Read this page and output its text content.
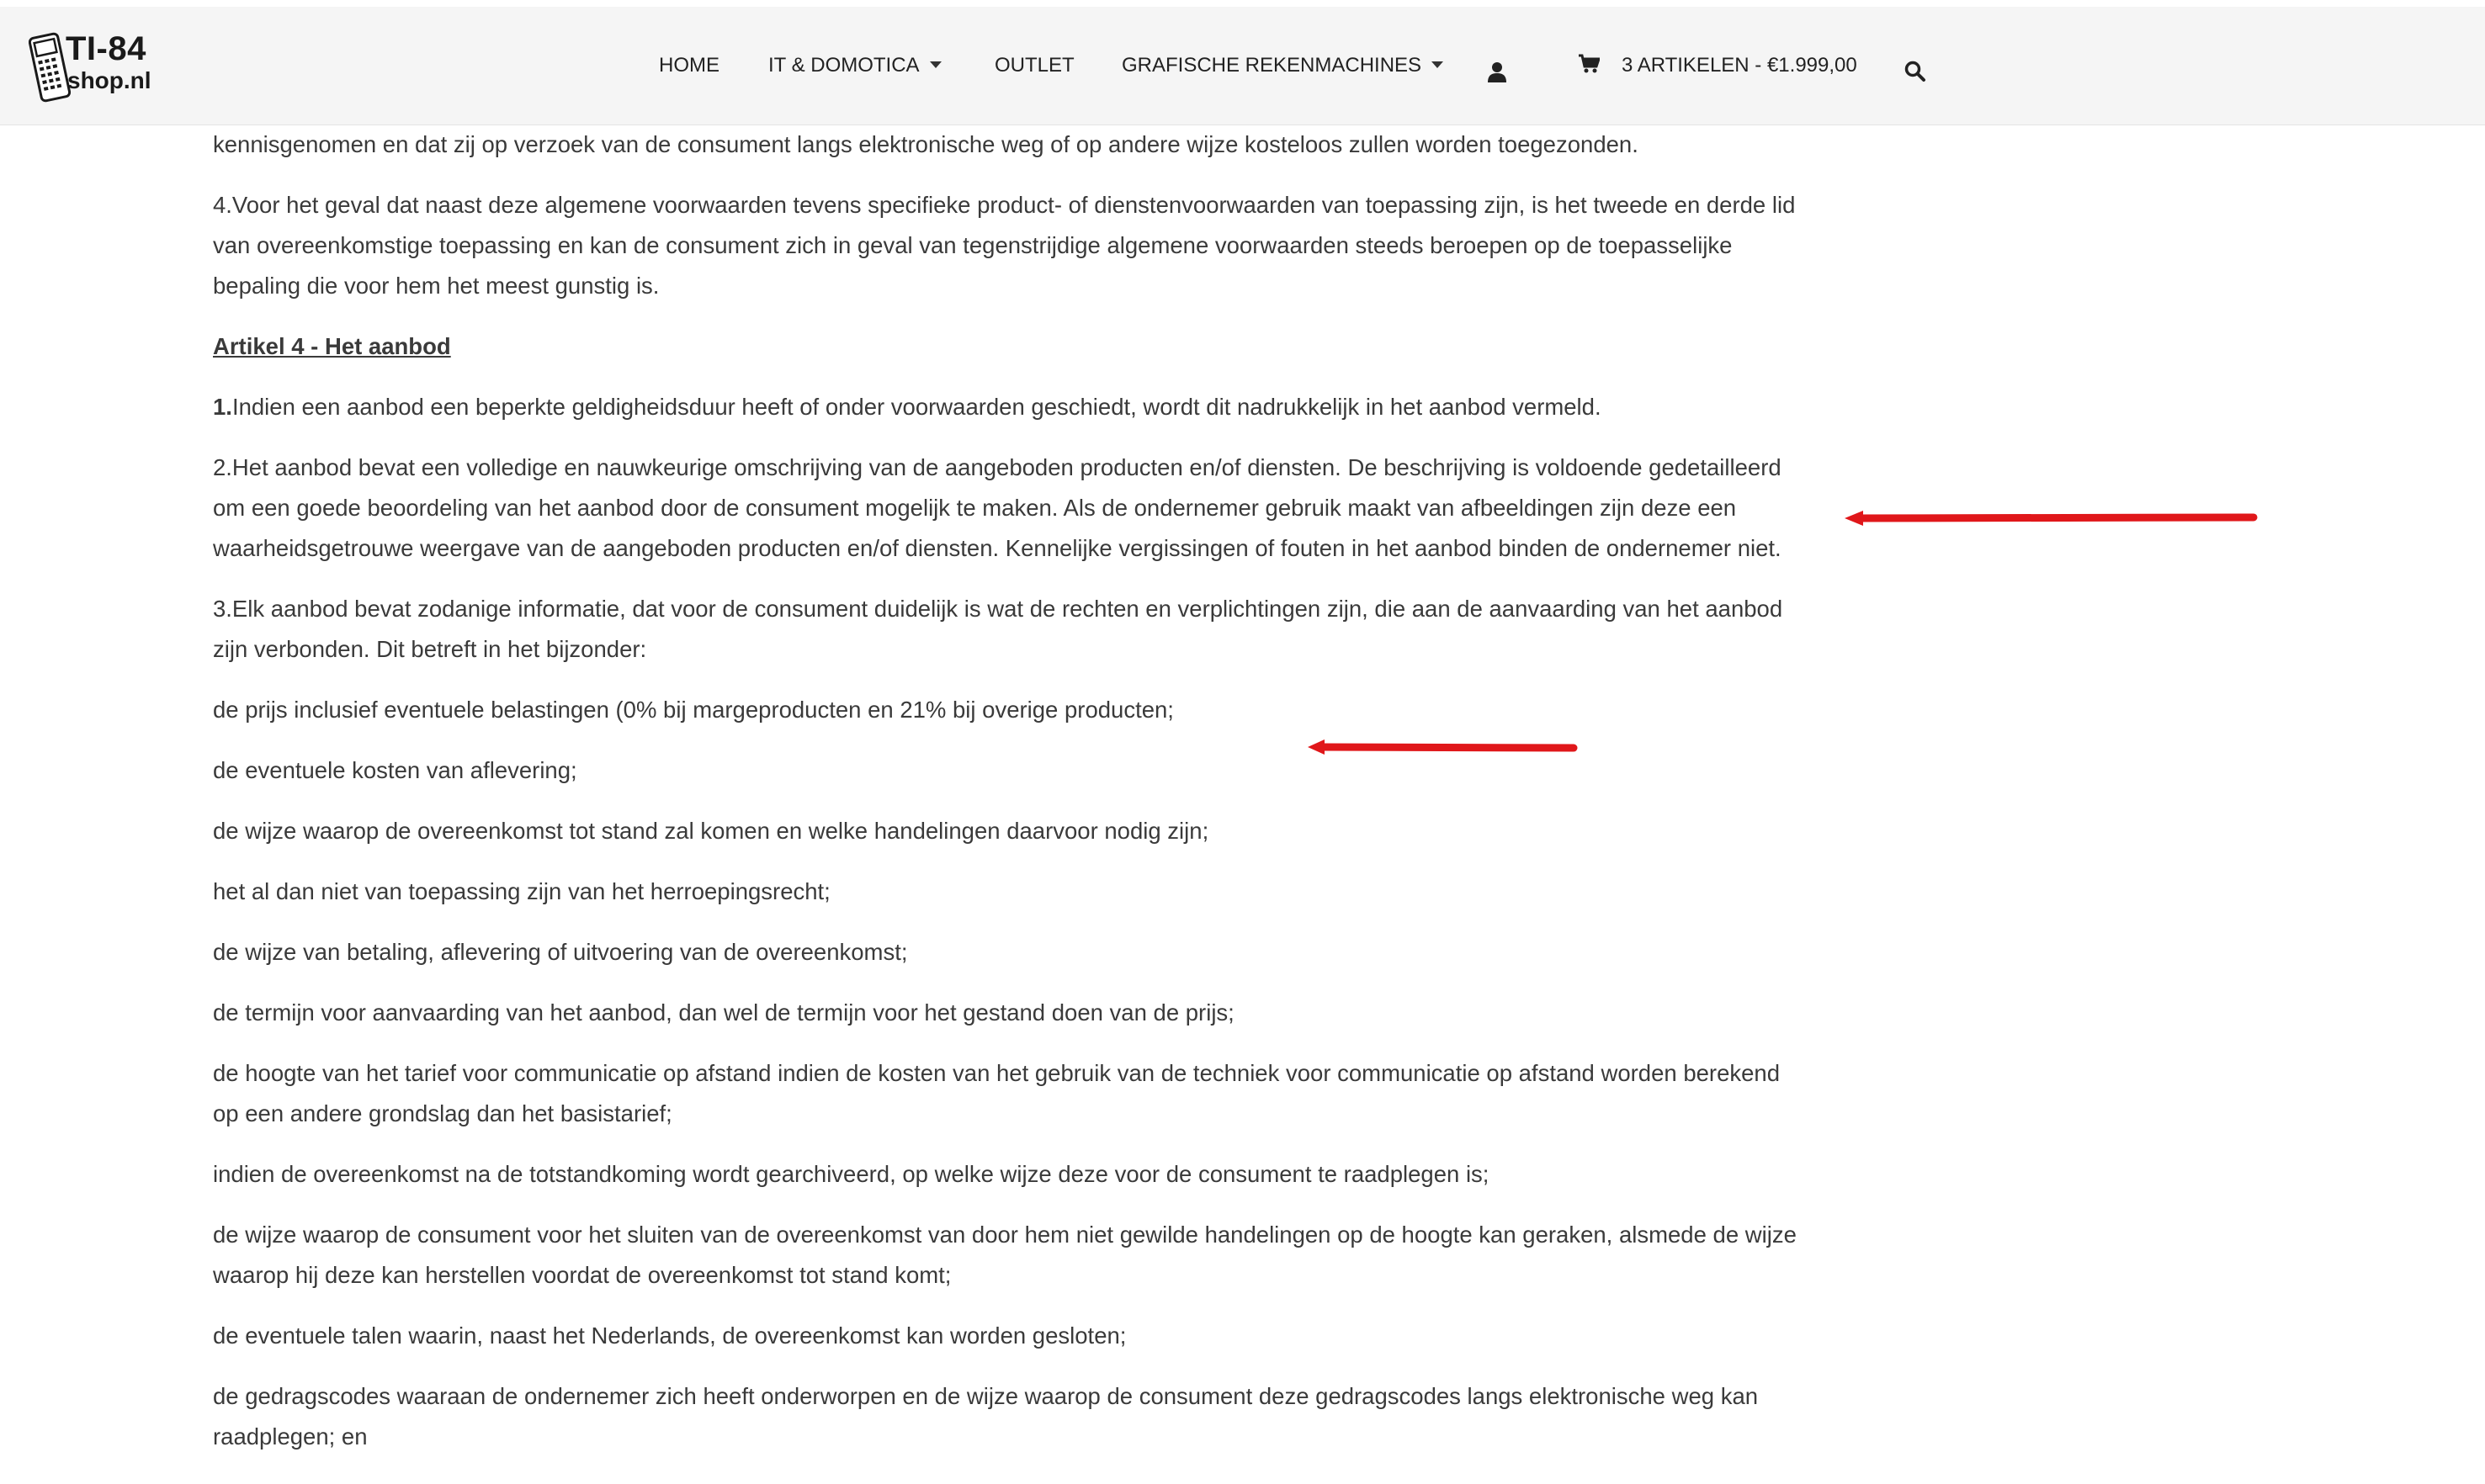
TI-84
shop.nl
HOME IT & DOMOTICA	OUTLET GRAFISCHE REKENMACHINES	3 ARTIKELEN - €1.999,00

kennisgenomen en dat zij op verzoek van de consument langs elektronische weg of op andere wijze kosteloos zullen worden toegezonden.

4.Voor het geval dat naast deze algemene voorwaarden tevens specifieke product- of dienstenvoorwaarden van toepassing zijn, is het tweede en derde lid van overeenkomstige toepassing en kan de consument zich in geval van tegenstrijdige algemene voorwaarden steeds beroepen op de toepasselijke bepaling die voor hem het meest gunstig is.

Artikel 4 - Het aanbod

1.Indien een aanbod een beperkte geldigheidsduur heeft of onder voorwaarden geschiedt, wordt dit nadrukkelijk in het aanbod vermeld.

2.Het aanbod bevat een volledige en nauwkeurige omschrijving van de aangeboden producten en/of diensten. De beschrijving is voldoende gedetailleerd om een goede beoordeling van het aanbod door de consument mogelijk te maken. Als de ondernemer gebruik maakt van afbeeldingen zijn deze een waarheidsgetrouwe weergave van de aangeboden producten en/of diensten. Kennelijke vergissingen of fouten in het aanbod binden de ondernemer niet.

3.Elk aanbod bevat zodanige informatie, dat voor de consument duidelijk is wat de rechten en verplichtingen zijn, die aan de aanvaarding van het aanbod zijn verbonden. Dit betreft in het bijzonder:

de prijs inclusief eventuele belastingen (0% bij margeproducten en 21% bij overige producten;

de eventuele kosten van aflevering;

de wijze waarop de overeenkomst tot stand zal komen en welke handelingen daarvoor nodig zijn;

het al dan niet van toepassing zijn van het herroepingsrecht;

de wijze van betaling, aflevering of uitvoering van de overeenkomst;

de termijn voor aanvaarding van het aanbod, dan wel de termijn voor het gestand doen van de prijs;

de hoogte van het tarief voor communicatie op afstand indien de kosten van het gebruik van de techniek voor communicatie op afstand worden berekend op een andere grondslag dan het basistarief;

indien de overeenkomst na de totstandkoming wordt gearchiveerd, op welke wijze deze voor de consument te raadplegen is;

de wijze waarop de consument voor het sluiten van de overeenkomst van door hem niet gewilde handelingen op de hoogte kan geraken, alsmede de wijze waarop hij deze kan herstellen voordat de overeenkomst tot stand komt;

de eventuele talen waarin, naast het Nederlands, de overeenkomst kan worden gesloten;

de gedragscodes waaraan de ondernemer zich heeft onderworpen en de wijze waarop de consument deze gedragscodes langs elektronische weg kan raadplegen; en
